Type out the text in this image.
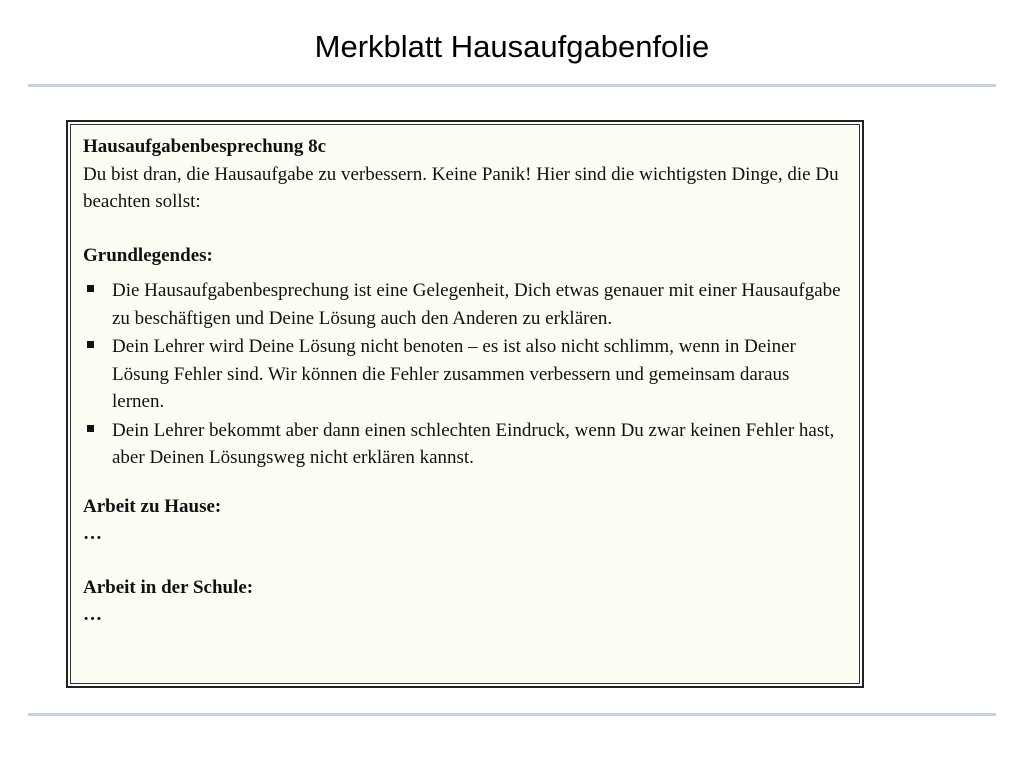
Merkblatt Hausaufgabenfolie

Hausaufgabenbesprechung 8c

Du bist dran, die Hausaufgabe zu verbessern. Keine Panik! Hier sind die wichtigsten Dinge, die Du beachten sollst:

Grundlegendes:

Die Hausaufgabenbesprechung ist eine Gelegenheit, Dich etwas genauer mit einer Hausaufgabe zu beschäftigen und Deine Lösung auch den Anderen zu erklären.
Dein Lehrer wird Deine Lösung nicht benoten – es ist also nicht schlimm, wenn in Deiner Lösung Fehler sind. Wir können die Fehler zusammen verbessern und gemeinsam daraus lernen.
Dein Lehrer bekommt aber dann einen schlechten Eindruck, wenn Du zwar keinen Fehler hast, aber Deinen Lösungsweg nicht erklären kannst.

Arbeit zu Hause:

…

Arbeit in der Schule:

…
